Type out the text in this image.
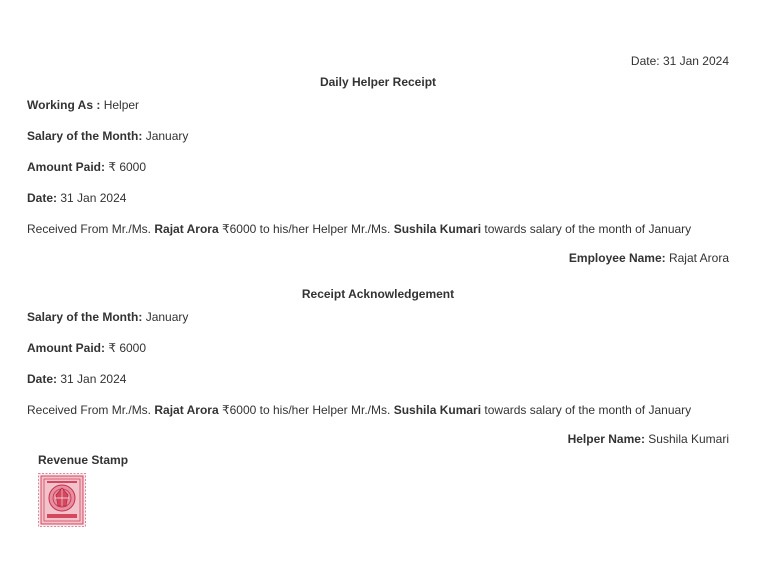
Date: 31 Jan 2024
Daily Helper Receipt
Working As : Helper
Salary of the Month: January
Amount Paid: ₹ 6000
Date: 31 Jan 2024
Received From Mr./Ms. Rajat Arora ₹6000 to his/her Helper Mr./Ms. Sushila Kumari towards salary of the month of January
Employee Name: Rajat Arora
Receipt Acknowledgement
Salary of the Month: January
Amount Paid: ₹ 6000
Date: 31 Jan 2024
Received From Mr./Ms. Rajat Arora ₹6000 to his/her Helper Mr./Ms. Sushila Kumari towards salary of the month of January
Helper Name: Sushila Kumari
Revenue Stamp
